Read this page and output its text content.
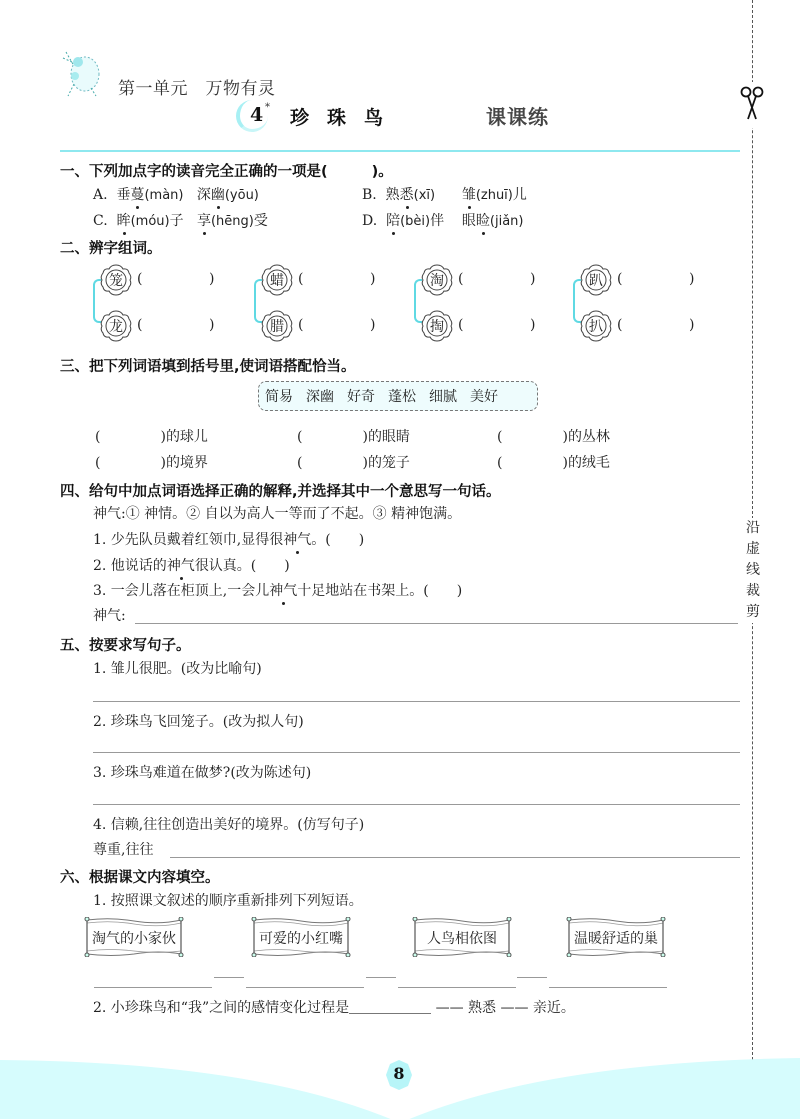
第一单元　万物有灵
4 * 珍珠鸟	课课练
沿
虚
线
裁
剪
一、下列加点字的读音完全正确的一项是(	)。
A. 垂蔓(màn) 深幽(yōu)	B. 熟悉(xī) 雏(zhuī)儿
C. 眸(móu)子 享(hēng)受	D. 陪(bèi)伴 眼睑(jiǎn)
二、辨字组词。
笼	(	)
龙	(	)
蜡	(	)
腊	(	)
淘	(	)
掏	(	)
趴	(	)
扒	(	)
三、把下列词语填到括号里,使词语搭配恰当。
简易 深幽 好奇 蓬松 细腻 美好
(	)的球儿	(	)的眼睛	(	)的丛林
(	)的境界	(	)的笼子	(	)的绒毛
四、给句中加点词语选择正确的解释,并选择其中一个意思写一句话。
神气:① 神情。② 自以为高人一等而了不起。③ 精神饱满。
1. 少先队员戴着红领巾,显得很神气。(　　)
2. 他说话的神气很认真。(　　)
3. 一会儿落在柜顶上,一会儿神气十足地站在书架上。(　　)
神气:
五、按要求写句子。
1. 雏儿很肥。(改为比喻句)
2. 珍珠鸟飞回笼子。(改为拟人句)
3. 珍珠鸟难道在做梦?(改为陈述句)
4. 信赖,往往创造出美好的境界。(仿写句子)
尊重,往往
六、根据课文内容填空。
1. 按照课文叙述的顺序重新排列下列短语。
淘气的小家伙	可爱的小红嘴	人鸟相依图	温暖舒适的巢
2. 小珍珠鸟和“我”之间的感情变化过程是	—— 熟悉 —— 亲近。
8
